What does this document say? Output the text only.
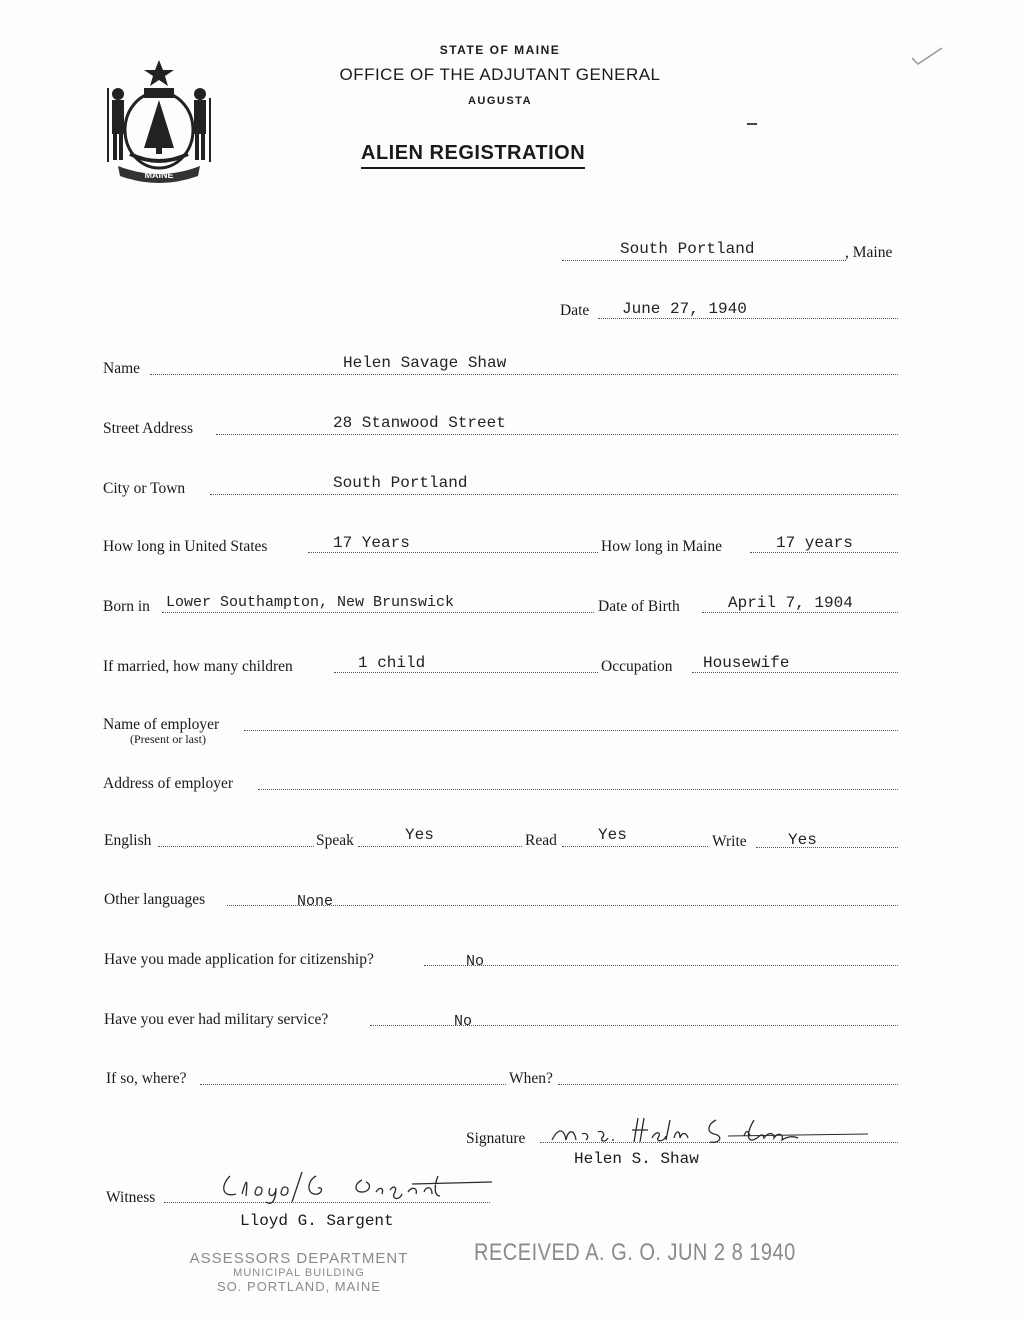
MAINE
STATE OF MAINE
OFFICE OF THE ADJUTANT GENERAL
AUGUSTA
ALIEN REGISTRATION
South Portland	, Maine
Date June 27, 1940
Name	Helen Savage Shaw
Street Address	28 Stanwood Street
City or Town	South Portland
How long in United States	17 Years	How long in Maine	17 years
Born in Lower Southampton, New Brunswick	Date of Birth	April 7, 1904
If married, how many children	1 child	Occupation Housewife
Name of employer
(Present or last)
Address of employer
English	Speak	Yes	Read	Yes	Write	Yes
Other languages	None
Have you made application for citizenship?	No
Have you ever had military service?	No
If so, where?	When?
Signature
Helen S. Shaw
Witness
Lloyd G. Sargent
ASSESSORS DEPARTMENT
MUNICIPAL BUILDING
SO. PORTLAND, MAINE
RECEIVED A. G. O. JUN 2 8 1940
